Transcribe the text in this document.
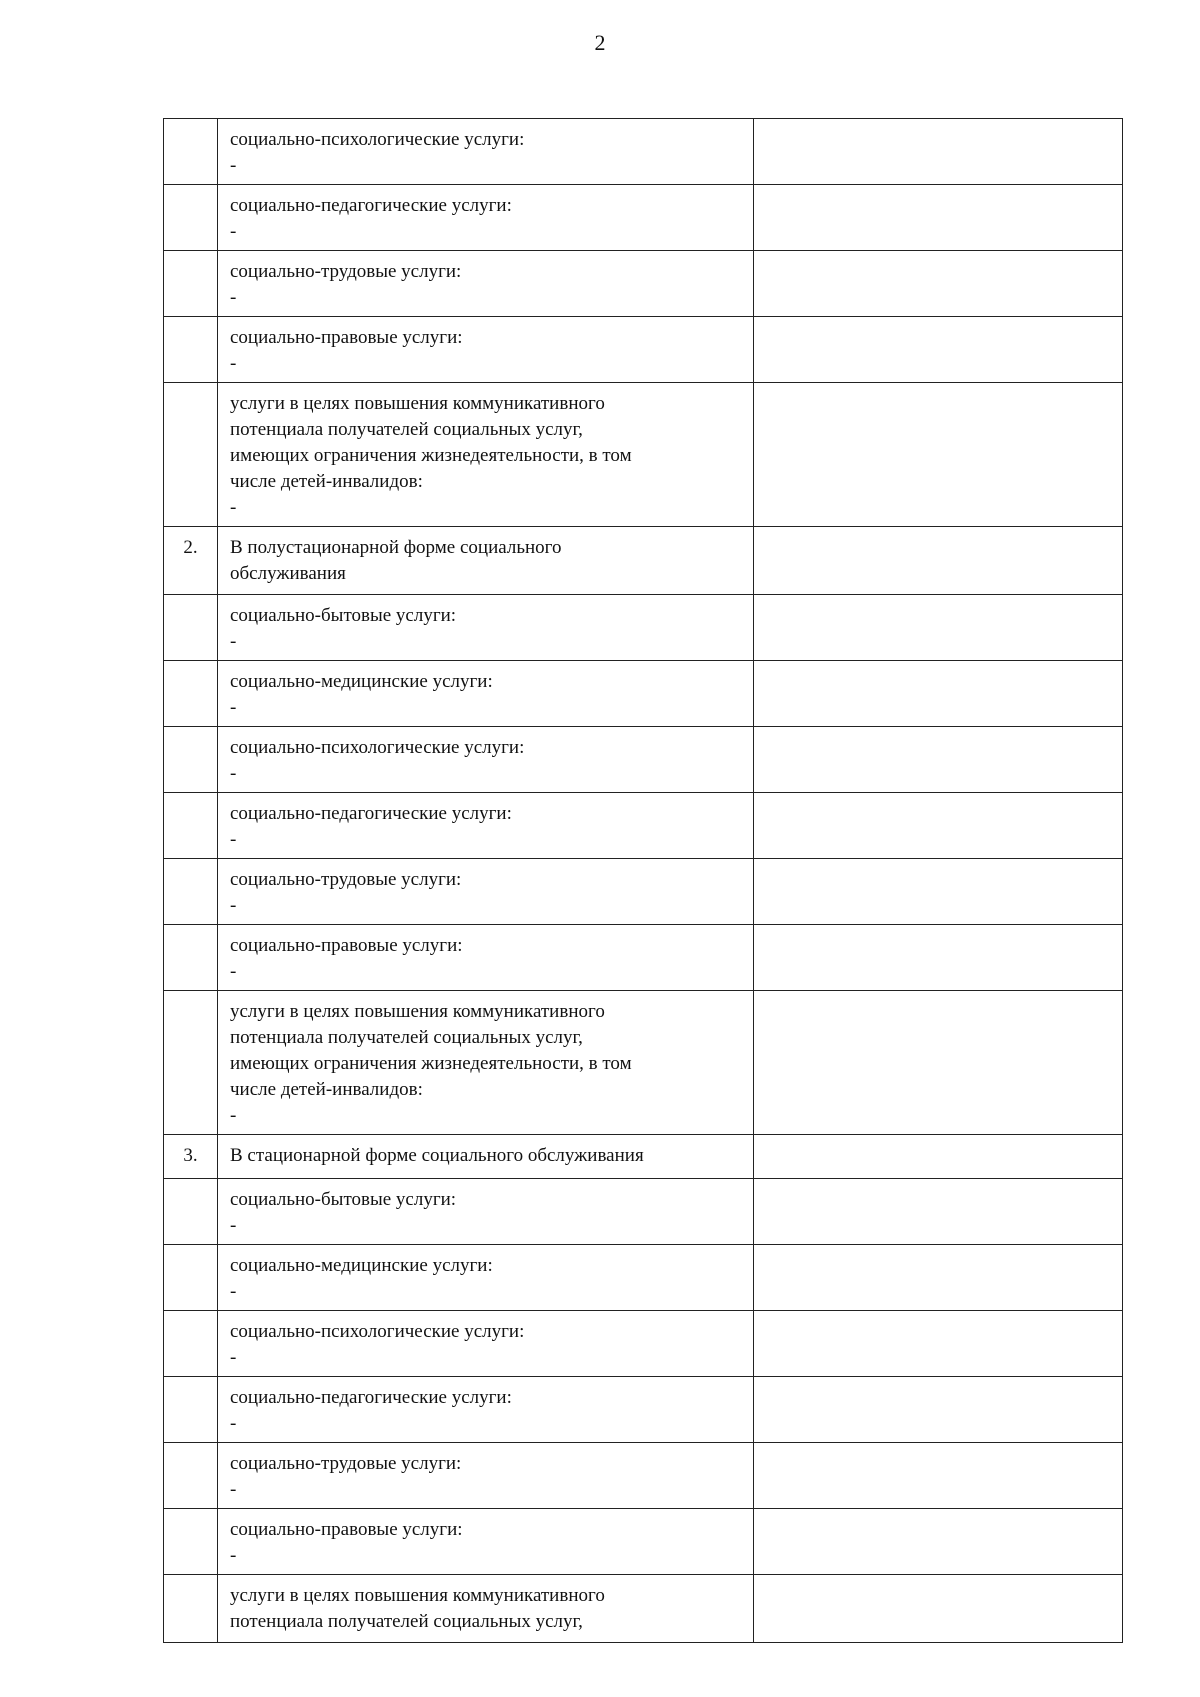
2
	социально-психологические услуги:
-	
	социально-педагогические услуги:
-	
	социально-трудовые услуги:
-	
	социально-правовые услуги:
-	
	услуги в целях повышения коммуникативного
потенциала получателей социальных услуг,
имеющих ограничения жизнедеятельности, в том
числе детей-инвалидов:
-	
2.	В полустационарной форме социального
обслуживания	
	социально-бытовые услуги:
-	
	социально-медицинские услуги:
-	
	социально-психологические услуги:
-	
	социально-педагогические услуги:
-	
	социально-трудовые услуги:
-	
	социально-правовые услуги:
-	
	услуги в целях повышения коммуникативного
потенциала получателей социальных услуг,
имеющих ограничения жизнедеятельности, в том
числе детей-инвалидов:
-	
3.	В стационарной форме социального обслуживания	
	социально-бытовые услуги:
-	
	социально-медицинские услуги:
-	
	социально-психологические услуги:
-	
	социально-педагогические услуги:
-	
	социально-трудовые услуги:
-	
	социально-правовые услуги:
-	
	услуги в целях повышения коммуникативного
потенциала получателей социальных услуг,	
